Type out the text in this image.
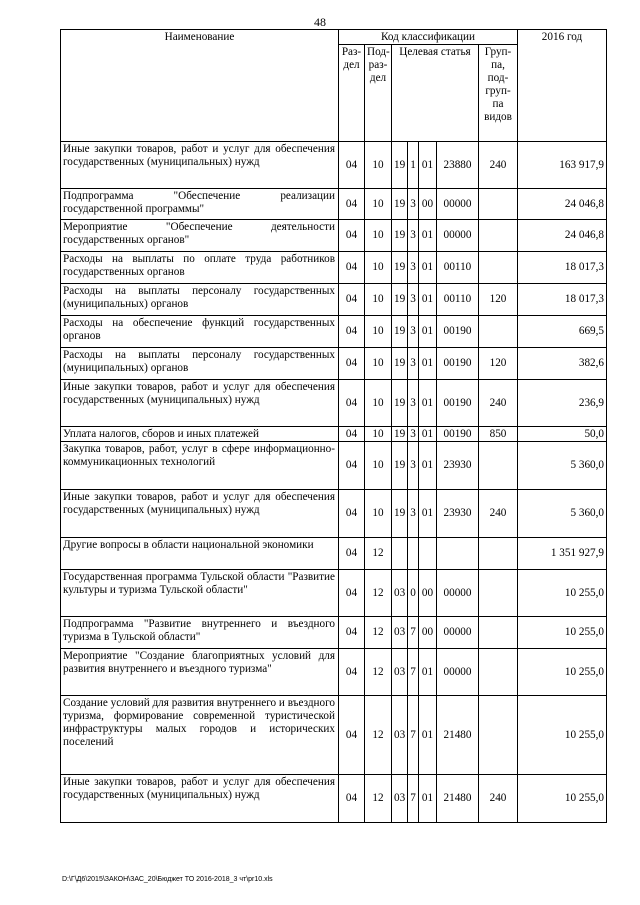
48
Наименование	Код классификации							2016 год
	Раз-дел	Под-раз-дел	Целевая статья				Груп-па, под-груп-па видов	
Иные закупки товаров, работ и услуг для обеспечения государственных (муниципальных) нужд	04	10	19	1	01	23880	240	163 917,9
Подпрограмма "Обеспечение реализации государственной программы"	04	10	19	3	00	00000		24 046,8
Мероприятие "Обеспечение деятельности государственных органов"	04	10	19	3	01	00000		24 046,8
Расходы на выплаты по оплате труда работников государственных органов	04	10	19	3	01	00110		18 017,3
Расходы на выплаты персоналу государственных (муниципальных) органов	04	10	19	3	01	00110	120	18 017,3
Расходы на обеспечение функций государственных органов	04	10	19	3	01	00190		669,5
Расходы на выплаты персоналу государственных (муниципальных) органов	04	10	19	3	01	00190	120	382,6
Иные закупки товаров, работ и услуг для обеспечения государственных (муниципальных) нужд	04	10	19	3	01	00190	240	236,9
Уплата налогов, сборов и иных платежей	04	10	19	3	01	00190	850	50,0
Закупка товаров, работ, услуг в сфере информационно-коммуникационных технологий	04	10	19	3	01	23930		5 360,0
Иные закупки товаров, работ и услуг для обеспечения государственных (муниципальных) нужд	04	10	19	3	01	23930	240	5 360,0
Другие вопросы в области национальной экономики	04	12						1 351 927,9
Государственная программа Тульской области "Развитие культуры и туризма Тульской области"	04	12	03	0	00	00000		10 255,0
Подпрограмма "Развитие внутреннего и въездного туризма в Тульской области"	04	12	03	7	00	00000		10 255,0
Мероприятие "Создание благоприятных условий для развития внутреннего и въездного туризма"	04	12	03	7	01	00000		10 255,0
Создание условий для развития внутреннего и въездного туризма, формирование современной туристической инфраструктуры малых городов и исторических поселений	04	12	03	7	01	21480		10 255,0
Иные закупки товаров, работ и услуг для обеспечения государственных (муниципальных) нужд	04	12	03	7	01	21480	240	10 255,0
D:\Г\Д6\2015\ЗАКОН\ЗАС_20\Бюджет ТО 2016-2018_3 чт\pr10.xls
